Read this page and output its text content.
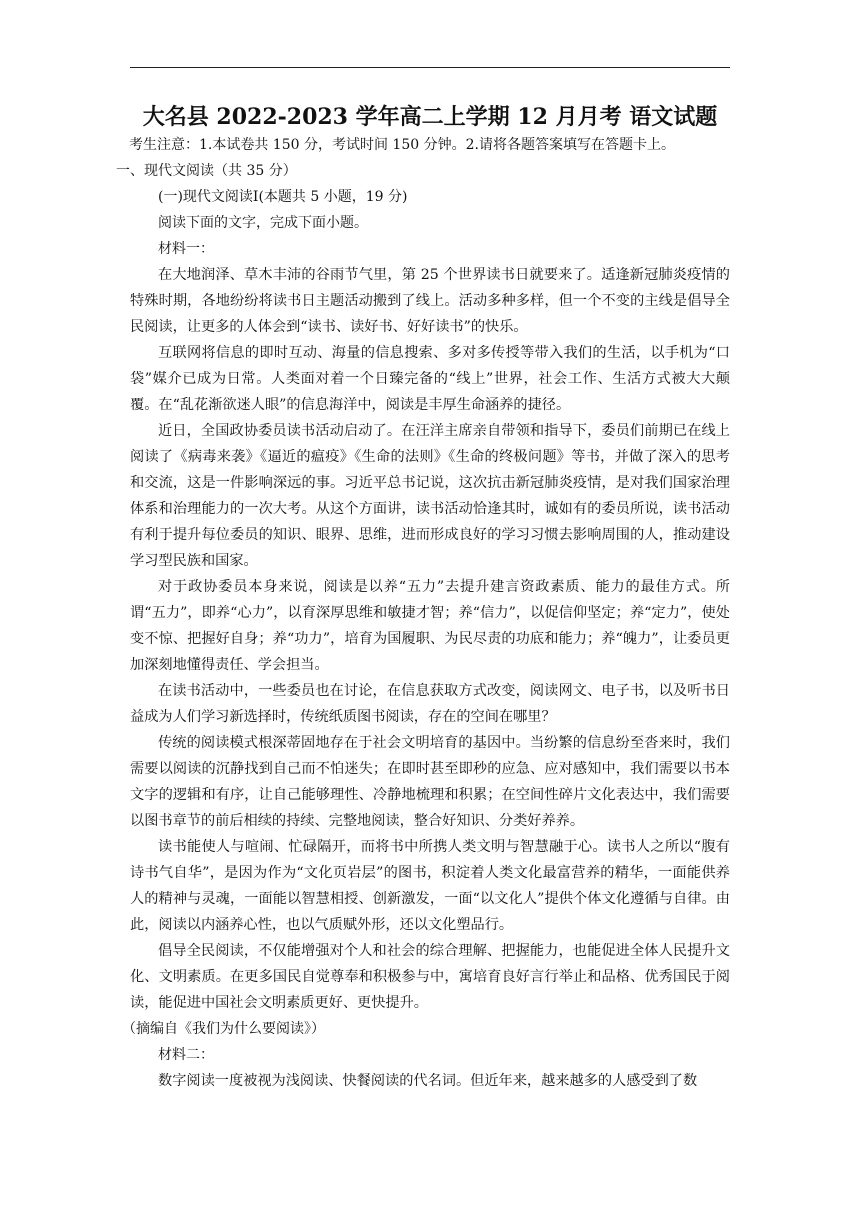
大名县 2022-2023 学年高二上学期 12 月月考 语文试题

考生注意：1.本试卷共 150 分，考试时间 150 分钟。2.请将各题答案填写在答题卡上。

一、现代文阅读（共 35 分）

(一)现代文阅读Ⅰ(本题共 5 小题，19 分)

阅读下面的文字，完成下面小题。

材料一：

在大地润泽、草木丰沛的谷雨节气里，第 25 个世界读书日就要来了。适逢新冠肺炎疫情的特殊时期，各地纷纷将读书日主题活动搬到了线上。活动多种多样，但一个不变的主线是倡导全民阅读，让更多的人体会到“读书、读好书、好好读书”的快乐。

互联网将信息的即时互动、海量的信息搜索、多对多传授等带入我们的生活，以手机为“口袋”媒介已成为日常。人类面对着一个日臻完备的“线上”世界，社会工作、生活方式被大大颠覆。在“乱花渐欲迷人眼”的信息海洋中，阅读是丰厚生命涵养的捷径。

近日，全国政协委员读书活动启动了。在汪洋主席亲自带领和指导下，委员们前期已在线上阅读了《病毒来袭》《逼近的瘟疫》《生命的法则》《生命的终极问题》等书，并做了深入的思考和交流，这是一件影响深远的事。习近平总书记说，这次抗击新冠肺炎疫情，是对我们国家治理体系和治理能力的一次大考。从这个方面讲，读书活动恰逢其时，诚如有的委员所说，读书活动有利于提升每位委员的知识、眼界、思维，进而形成良好的学习习惯去影响周围的人，推动建设学习型民族和国家。

对于政协委员本身来说，阅读是以养“五力”去提升建言资政素质、能力的最佳方式。所谓“五力”，即养“心力”，以育深厚思维和敏捷才智；养“信力”，以促信仰坚定；养“定力”，使处变不惊、把握好自身；养“功力”，培育为国履职、为民尽责的功底和能力；养“魄力”，让委员更加深刻地懂得责任、学会担当。

在读书活动中，一些委员也在讨论，在信息获取方式改变，阅读网文、电子书，以及听书日益成为人们学习新选择时，传统纸质图书阅读，存在的空间在哪里？

传统的阅读模式根深蒂固地存在于社会文明培育的基因中。当纷繁的信息纷至沓来时，我们需要以阅读的沉静找到自己而不怕迷失；在即时甚至即秒的应急、应对感知中，我们需要以书本文字的逻辑和有序，让自己能够理性、冷静地梳理和积累；在空间性碎片文化表达中，我们需要以图书章节的前后相续的持续、完整地阅读，整合好知识、分类好养养。

读书能使人与喧闹、忙碌隔开，而将书中所携人类文明与智慧融于心。读书人之所以“腹有诗书气自华”，是因为作为“文化页岩层”的图书，积淀着人类文化最富营养的精华，一面能供养人的精神与灵魂，一面能以智慧相授、创新激发，一面“以文化人”提供个体文化遵循与自律。由此，阅读以内涵养心性，也以气质赋外形，还以文化塑品行。

倡导全民阅读，不仅能增强对个人和社会的综合理解、把握能力，也能促进全体人民提升文化、文明素质。在更多国民自觉尊奉和积极参与中，寓培育良好言行举止和品格、优秀国民于阅读，能促进中国社会文明素质更好、更快提升。

（摘编自《我们为什么要阅读》）

材料二：

数字阅读一度被视为浅阅读、快餐阅读的代名词。但近年来，越来越多的人感受到了数
